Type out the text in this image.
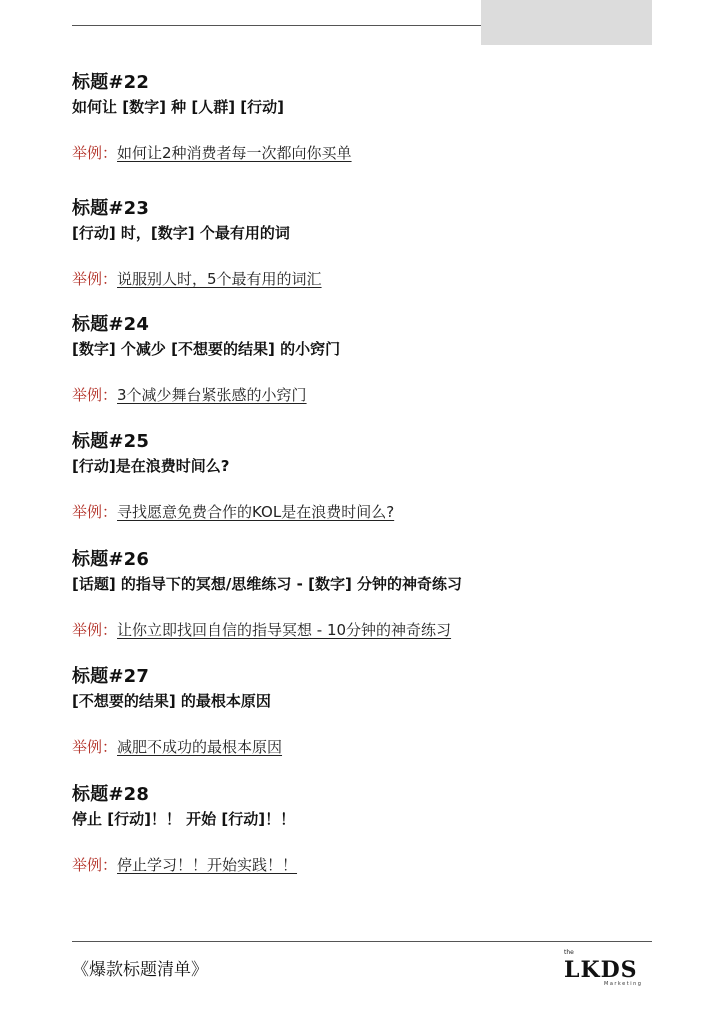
标题#22
如何让 [数字] 种 [人群] [行动]
举例：如何让2种消费者每一次都向你买单
标题#23
[行动] 时，[数字] 个最有用的词
举例：说服别人时，5个最有用的词汇
标题#24
[数字] 个减少 [不想要的结果] 的小窍门
举例：3个减少舞台紧张感的小窍门
标题#25
[行动]是在浪费时间么?
举例：寻找愿意免费合作的KOL是在浪费时间么?
标题#26
[话题] 的指导下的冥想/思维练习 - [数字] 分钟的神奇练习
举例：让你立即找回自信的指导冥想 - 10分钟的神奇练习
标题#27
[不想要的结果] 的最根本原因
举例：减肥不成功的最根本原因
标题#28
停止 [行动]！！ 开始 [行动]！！
举例：停止学习！！开始实践！！
《爆款标题清单》
the
LKDS
Marketing
